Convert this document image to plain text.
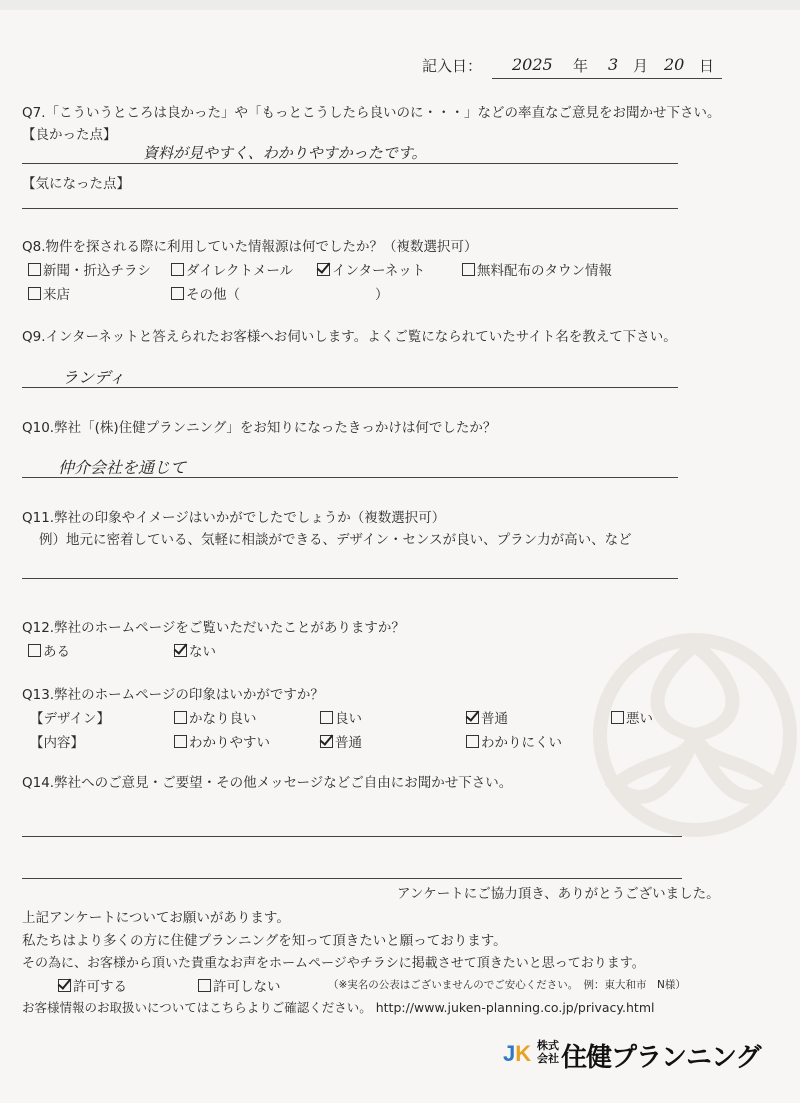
記入日： 2025 年 3 月 20 日
Q7.「こういうところは良かった」や「もっとこうしたら良いのに・・・」などの率直なご意見をお聞かせ下さい。
【良かった点】
資料が見やすく、わかりやすかったです。
【気になった点】
Q8.物件を探される際に利用していた情報源は何でしたか？（複数選択可）
新聞・折込チラシ	ダイレクトメール	インターネット	無料配布のタウン情報
来店	その他（　　　　　　　　　　）
Q9.インターネットと答えられたお客様へお伺いします。よくご覧になられていたサイト名を教えて下さい。
ランディ
Q10.弊社「(株)住健プランニング」をお知りになったきっかけは何でしたか？
仲介会社を通じて
Q11.弊社の印象やイメージはいかがでしたでしょうか（複数選択可）
例）地元に密着している、気軽に相談ができる、デザイン・センスが良い、プラン力が高い、など
Q12.弊社のホームページをご覧いただいたことがありますか？
ある	ない
Q13.弊社のホームページの印象はいかがですか？
【デザイン】	かなり良い	良い	普通	悪い
【内容】	わかりやすい	普通	わかりにくい
Q14.弊社へのご意見・ご要望・その他メッセージなどご自由にお聞かせ下さい。
アンケートにご協力頂き、ありがとうございました。
上記アンケートについてお願いがあります。
私たちはより多くの方に住健プランニングを知って頂きたいと願っております。
その為に、お客様から頂いた貴重なお声をホームページやチラシに掲載させて頂きたいと思っております。
許可する	許可しない	（※実名の公表はございませんのでご安心ください。　例：東大和市　N様）
お客様情報のお取扱いについてはこちらよりご確認ください。 http://www.juken-planning.co.jp/privacy.html
JK 株式会社 住健プランニング
